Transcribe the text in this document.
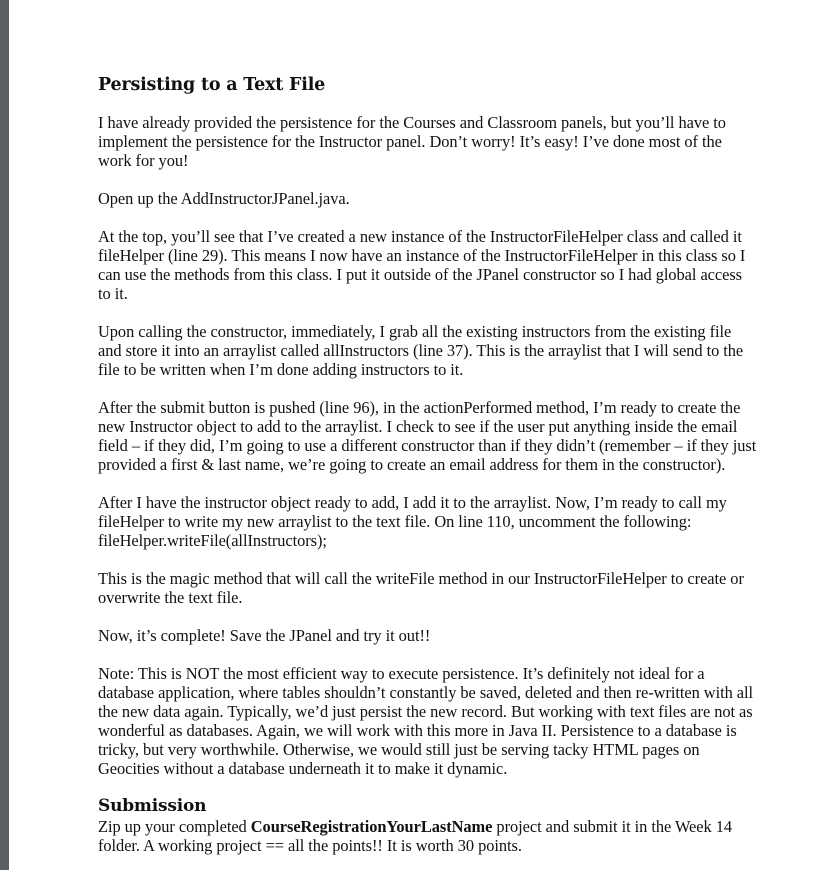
Persisting to a Text File

I have already provided the persistence for the Courses and Classroom panels, but you’ll have to implement the persistence for the Instructor panel. Don’t worry! It’s easy! I’ve done most of the work for you!

Open up the AddInstructorJPanel.java.

At the top, you’ll see that I’ve created a new instance of the InstructorFileHelper class and called it fileHelper (line 29). This means I now have an instance of the InstructorFileHelper in this class so I can use the methods from this class. I put it outside of the JPanel constructor so I had global access to it.

Upon calling the constructor, immediately, I grab all the existing instructors from the existing file and store it into an arraylist called allInstructors (line 37). This is the arraylist that I will send to the file to be written when I’m done adding instructors to it.

After the submit button is pushed (line 96), in the actionPerformed method, I’m ready to create the new Instructor object to add to the arraylist. I check to see if the user put anything inside the email field – if they did, I’m going to use a different constructor than if they didn’t (remember – if they just provided a first & last name, we’re going to create an email address for them in the constructor).

After I have the instructor object ready to add, I add it to the arraylist. Now, I’m ready to call my fileHelper to write my new arraylist to the text file. On line 110, uncomment the following: fileHelper.writeFile(allInstructors);

This is the magic method that will call the writeFile method in our InstructorFileHelper to create or overwrite the text file.

Now, it’s complete! Save the JPanel and try it out!!

Note: This is NOT the most efficient way to execute persistence. It’s definitely not ideal for a database application, where tables shouldn’t constantly be saved, deleted and then re-written with all the new data again. Typically, we’d just persist the new record. But working with text files are not as wonderful as databases. Again, we will work with this more in Java II. Persistence to a database is tricky, but very worthwhile. Otherwise, we would still just be serving tacky HTML pages on Geocities without a database underneath it to make it dynamic.

Submission

Zip up your completed CourseRegistrationYourLastName project and submit it in the Week 14 folder. A working project == all the points!! It is worth 30 points.
